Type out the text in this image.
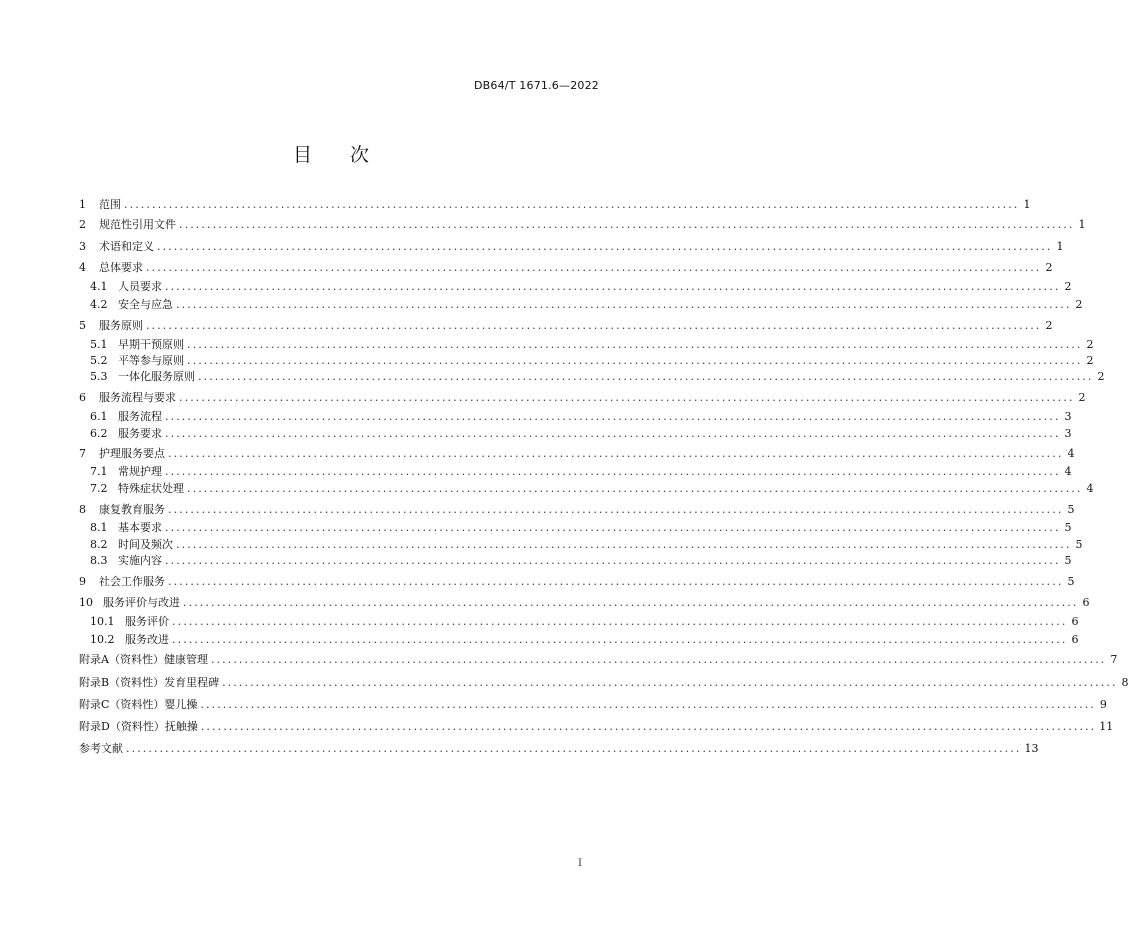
DB64/T 1671.6—2022
目 次
1 范围 ................................................................................................................................................................ 1
2 规范性引用文件 ................................................................................................................................................................ 1
3 术语和定义 ................................................................................................................................................................ 1
4 总体要求 ................................................................................................................................................................ 2
4.1 人员要求 ................................................................................................................................................................ 2
4.2 安全与应急 ................................................................................................................................................................ 2
5 服务原则 ................................................................................................................................................................ 2
5.1 早期干预原则 ................................................................................................................................................................ 2
5.2 平等参与原则 ................................................................................................................................................................ 2
5.3 一体化服务原则 ................................................................................................................................................................ 2
6 服务流程与要求 ................................................................................................................................................................ 2
6.1 服务流程 ................................................................................................................................................................ 3
6.2 服务要求 ................................................................................................................................................................ 3
7 护理服务要点 ................................................................................................................................................................ 4
7.1 常规护理 ................................................................................................................................................................ 4
7.2 特殊症状处理 ................................................................................................................................................................ 4
8 康复教育服务 ................................................................................................................................................................ 5
8.1 基本要求 ................................................................................................................................................................ 5
8.2 时间及频次 ................................................................................................................................................................ 5
8.3 实施内容 ................................................................................................................................................................ 5
9 社会工作服务 ................................................................................................................................................................ 5
10 服务评价与改进 ................................................................................................................................................................ 6
10.1 服务评价 ................................................................................................................................................................ 6
10.2 服务改进 ................................................................................................................................................................ 6
附录A（资料性）健康管理 ................................................................................................................................................................ 7
附录B（资料性）发育里程碑 ................................................................................................................................................................ 8
附录C（资料性）婴儿操 ................................................................................................................................................................ 9
附录D（资料性）抚触操 ................................................................................................................................................................ 11
参考文献 ................................................................................................................................................................ 13
I
